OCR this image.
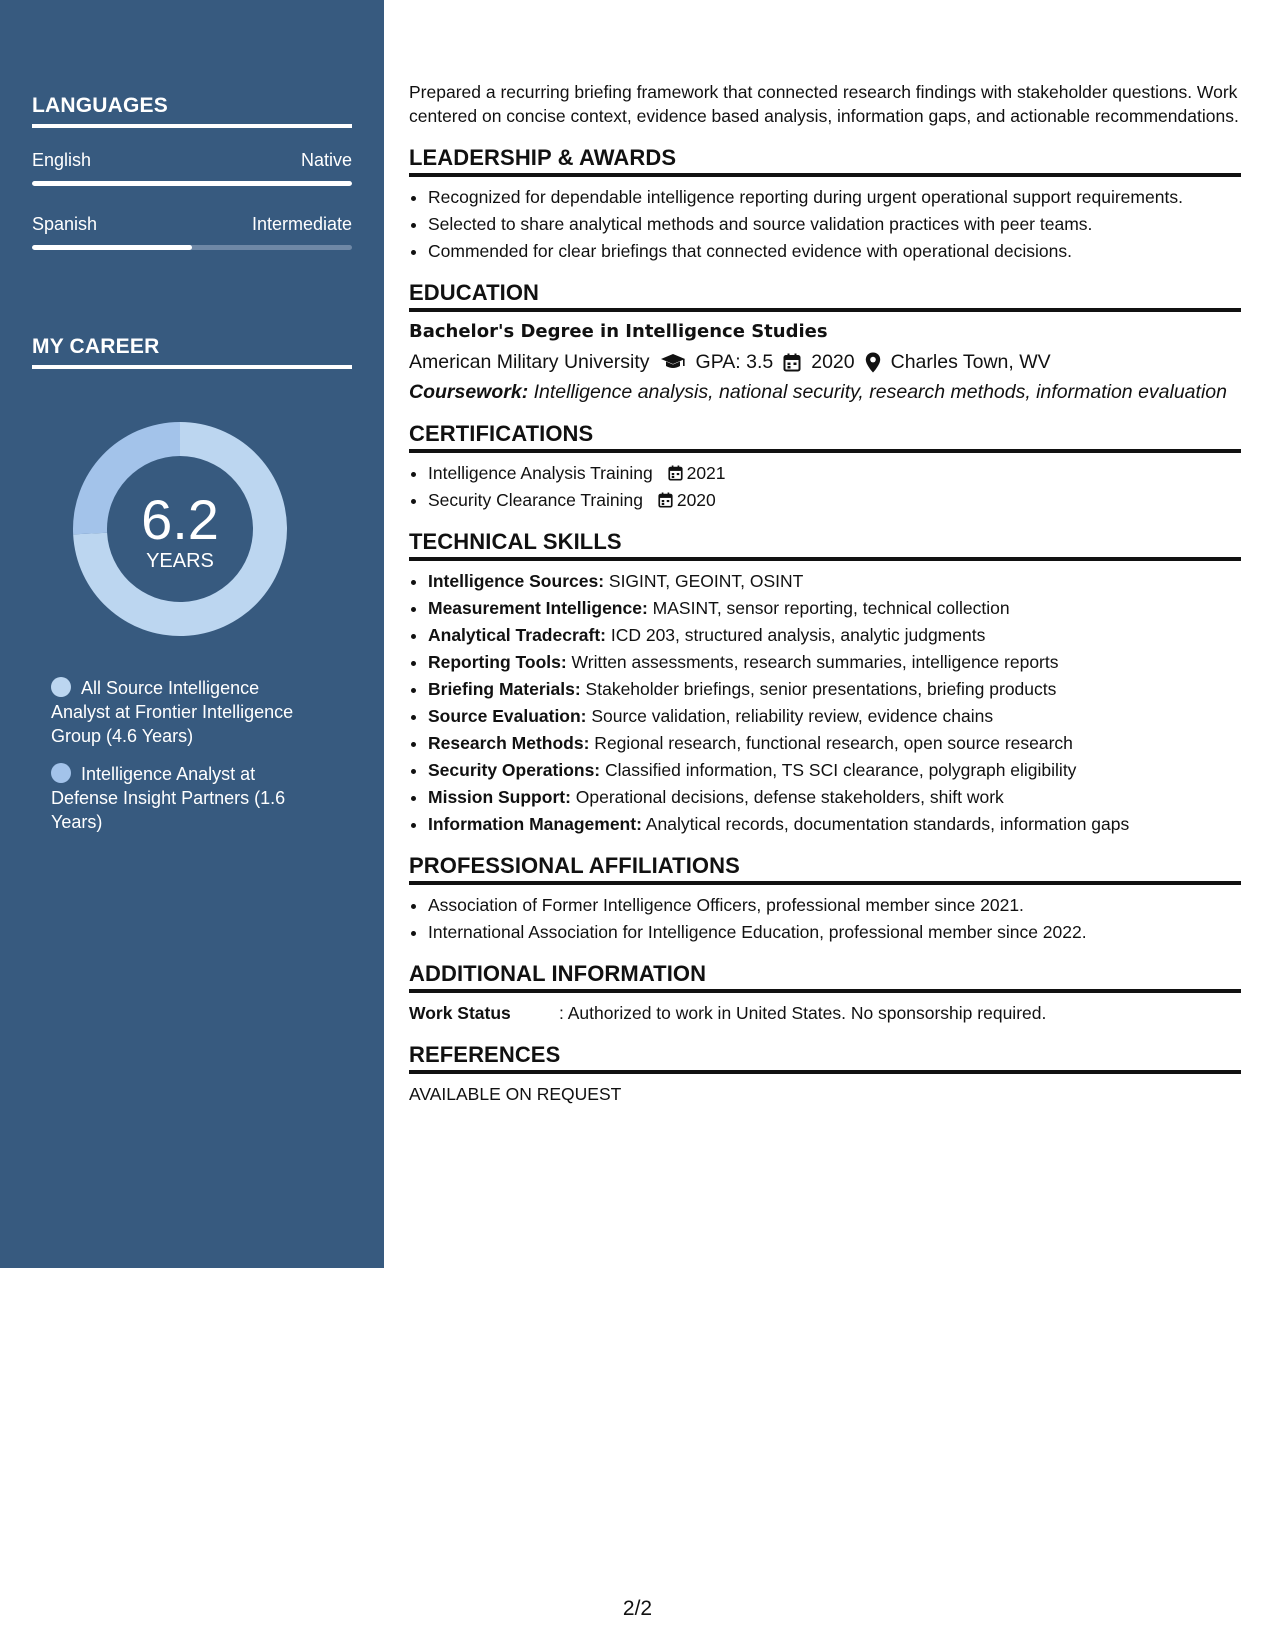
LANGUAGES
English	Native
Spanish	Intermediate
MY CAREER
6.2
YEARS
All Source Intelligence Analyst at Frontier Intelligence Group (4.6 Years)
Intelligence Analyst at Defense Insight Partners (1.6 Years)

Prepared a recurring briefing framework that connected research findings with stakeholder questions. Work centered on concise context, evidence based analysis, information gaps, and actionable recommendations.

LEADERSHIP & AWARDS
• Recognized for dependable intelligence reporting during urgent operational support requirements.
• Selected to share analytical methods and source validation practices with peer teams.
• Commended for clear briefings that connected evidence with operational decisions.
EDUCATION
Bachelor's Degree in Intelligence Studies
American Military University GPA: 3.5 2020 Charles Town, WV
Coursework: Intelligence analysis, national security, research methods, information evaluation
CERTIFICATIONS
• Intelligence Analysis Training 2021
• Security Clearance Training 2020
TECHNICAL SKILLS
• Intelligence Sources: SIGINT, GEOINT, OSINT
• Measurement Intelligence: MASINT, sensor reporting, technical collection
• Analytical Tradecraft: ICD 203, structured analysis, analytic judgments
• Reporting Tools: Written assessments, research summaries, intelligence reports
• Briefing Materials: Stakeholder briefings, senior presentations, briefing products
• Source Evaluation: Source validation, reliability review, evidence chains
• Research Methods: Regional research, functional research, open source research
• Security Operations: Classified information, TS SCI clearance, polygraph eligibility
• Mission Support: Operational decisions, defense stakeholders, shift work
• Information Management: Analytical records, documentation standards, information gaps
PROFESSIONAL AFFILIATIONS
• Association of Former Intelligence Officers, professional member since 2021.
• International Association for Intelligence Education, professional member since 2022.
ADDITIONAL INFORMATION
Work Status	: Authorized to work in United States. No sponsorship required.
REFERENCES
AVAILABLE ON REQUEST
2/2
